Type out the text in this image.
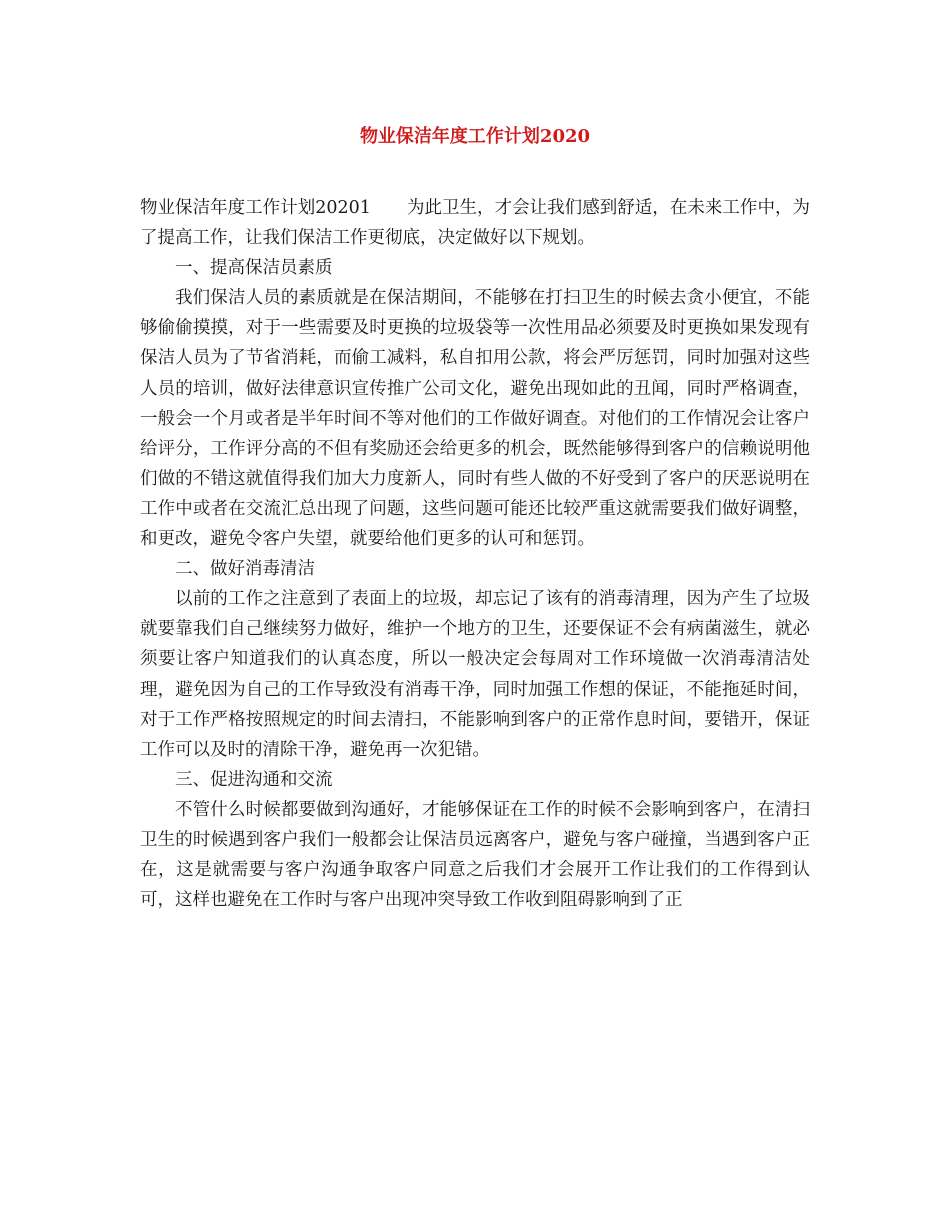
物业保洁年度工作计划2020

物业保洁年度工作计划20201 为此卫生，才会让我们感到舒适，在未来工作中，为了提高工作，让我们保洁工作更彻底，决定做好以下规划。

一、提高保洁员素质

我们保洁人员的素质就是在保洁期间，不能够在打扫卫生的时候去贪小便宜，不能够偷偷摸摸，对于一些需要及时更换的垃圾袋等一次性用品必须要及时更换如果发现有保洁人员为了节省消耗，而偷工减料，私自扣用公款，将会严厉惩罚，同时加强对这些人员的培训，做好法律意识宣传推广公司文化，避免出现如此的丑闻，同时严格调查，一般会一个月或者是半年时间不等对他们的工作做好调查。对他们的工作情况会让客户给评分，工作评分高的不但有奖励还会给更多的机会，既然能够得到客户的信赖说明他们做的不错这就值得我们加大力度新人，同时有些人做的不好受到了客户的厌恶说明在工作中或者在交流汇总出现了问题，这些问题可能还比较严重这就需要我们做好调整，和更改，避免令客户失望，就要给他们更多的认可和惩罚。

二、做好消毒清洁

以前的工作之注意到了表面上的垃圾，却忘记了该有的消毒清理，因为产生了垃圾就要靠我们自己继续努力做好，维护一个地方的卫生，还要保证不会有病菌滋生，就必须要让客户知道我们的认真态度，所以一般决定会每周对工作环境做一次消毒清洁处理，避免因为自己的工作导致没有消毒干净，同时加强工作想的保证，不能拖延时间，对于工作严格按照规定的时间去清扫，不能影响到客户的正常作息时间，要错开，保证工作可以及时的清除干净，避免再一次犯错。

三、促进沟通和交流

不管什么时候都要做到沟通好，才能够保证在工作的时候不会影响到客户，在清扫卫生的时候遇到客户我们一般都会让保洁员远离客户，避免与客户碰撞，当遇到客户正在，这是就需要与客户沟通争取客户同意之后我们才会展开工作让我们的工作得到认可，这样也避免在工作时与客户出现冲突导致工作收到阻碍影响到了正
